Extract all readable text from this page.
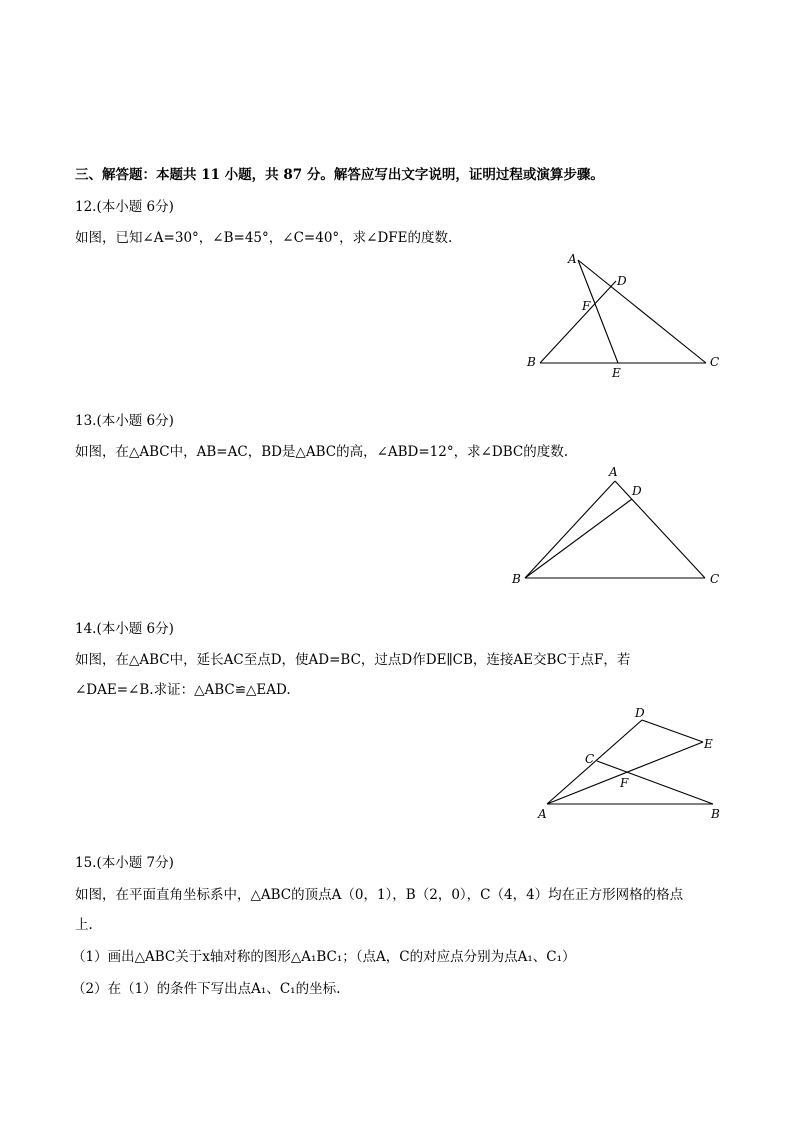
三、解答题：本题共 11 小题，共 87 分。解答应写出文字说明，证明过程或演算步骤。
12.(本小题 6分)
如图，已知∠A=30°，∠B=45°，∠C=40°，求∠DFE的度数.
A
D
F
B
E
C
13.(本小题 6分)
如图，在△ABC中，AB=AC，BD是△ABC的高，∠ABD=12°，求∠DBC的度数.
A
D
B	C
14.(本小题 6分)
如图，在△ABC中，延长AC至点D，使AD=BC，过点D作DE∥CB，连接AE交BC于点F，若
∠DAE=∠B.求证：△ABC≌△EAD.
D
E
C
F
A	B
15.(本小题 7分)
如图，在平面直角坐标系中，△ABC的顶点A（0，1），B（2，0），C（4，4）均在正方形网格的格点
上.
（1）画出△ABC关于x轴对称的图形△A₁BC₁；（点A，C的对应点分别为点A₁、C₁）
（2）在（1）的条件下写出点A₁、C₁的坐标.
